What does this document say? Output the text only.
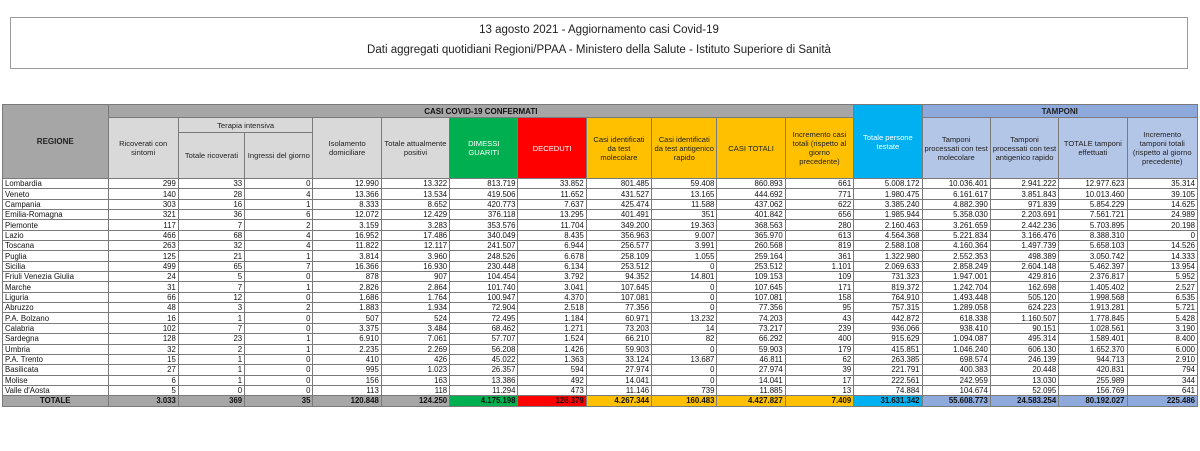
13 agosto 2021 - Aggiornamento casi Covid-19
Dati aggregati quotidiani Regioni/PPAA - Ministero della Salute - Istituto Superiore di Sanità
REGIONE	CASI COVID-19 CONFERMATI											Totale persone testate	TAMPONI			
	Ricoverati con sintomi	Terapia intensiva		Isolamento domiciliare	Totale attualmente positivi	DIMESSI GUARITI	DECEDUTI	Casi identificati da test molecolare	Casi identificati da test antigenico rapido	CASI TOTALI	Incremento casi totali (rispetto al giorno precedente)		Tamponi processati con test molecolare	Tamponi processati con test antigenico rapido	TOTALE tamponi effettuati	Incremento tamponi totali (rispetto al giorno precedente)
		Totale ricoverati	Ingressi del giorno													
Lombardia	299	33	0	12.990	13.322	813.719	33.852	801.485	59.408	860.893	661	5.008.172	10.036.401	2.941.222	12.977.623	35.314
Veneto	140	28	4	13.366	13.534	419.506	11.652	431.527	13.165	444.692	771	1.980.475	6.161.617	3.851.843	10.013.460	39.105
Campania	303	16	1	8.333	8.652	420.773	7.637	425.474	11.588	437.062	622	3.385.240	4.882.390	971.839	5.854.229	14.625
Emilia-Romagna	321	36	6	12.072	12.429	376.118	13.295	401.491	351	401.842	656	1.985.944	5.358.030	2.203.691	7.561.721	24.989
Piemonte	117	7	2	3.159	3.283	353.576	11.704	349.200	19.363	368.563	280	2.160.463	3.261.659	2.442.236	5.703.895	20.198
Lazio	466	68	4	16.952	17.486	340.049	8.435	356.963	9.007	365.970	613	4.564.368	5.221.834	3.166.476	8.388.310	0
Toscana	263	32	4	11.822	12.117	241.507	6.944	256.577	3.991	260.568	819	2.588.108	4.160.364	1.497.739	5.658.103	14.526
Puglia	125	21	1	3.814	3.960	248.526	6.678	258.109	1.055	259.164	361	1.322.980	2.552.353	498.389	3.050.742	14.333
Sicilia	499	65	7	16.366	16.930	230.448	6.134	253.512	0	253.512	1.101	2.069.633	2.858.249	2.604.148	5.462.397	13.954
Friuli Venezia Giulia	24	5	0	878	907	104.454	3.792	94.352	14.801	109.153	109	731.323	1.947.001	429.816	2.376.817	5.952
Marche	31	7	1	2.826	2.864	101.740	3.041	107.645	0	107.645	171	819.372	1.242.704	162.698	1.405.402	2.527
Liguria	66	12	0	1.686	1.764	100.947	4.370	107.081	0	107.081	158	764.910	1.493.448	505.120	1.998.568	6.535
Abruzzo	48	3	2	1.883	1.934	72.904	2.518	77.356	0	77.356	95	757.315	1.289.058	624.223	1.913.281	5.721
P.A. Bolzano	16	1	0	507	524	72.495	1.184	60.971	13.232	74.203	43	442.872	618.338	1.160.507	1.778.845	5.428
Calabria	102	7	0	3.375	3.484	68.462	1.271	73.203	14	73.217	239	936.066	938.410	90.151	1.028.561	3.190
Sardegna	128	23	1	6.910	7.061	57.707	1.524	66.210	82	66.292	400	915.629	1.094.087	495.314	1.589.401	8.400
Umbria	32	2	1	2.235	2.269	56.208	1.426	59.903	0	59.903	179	415.851	1.046.240	606.130	1.652.370	6.000
P.A. Trento	15	1	0	410	426	45.022	1.363	33.124	13.687	46.811	62	263.385	698.574	246.139	944.713	2.910
Basilicata	27	1	0	995	1.023	26.357	594	27.974	0	27.974	39	221.791	400.383	20.448	420.831	794
Molise	6	1	0	156	163	13.386	492	14.041	0	14.041	17	222.561	242.959	13.030	255.989	344
Valle d'Aosta	5	0	0	113	118	11.294	473	11.146	739	11.885	13	74.884	104.674	52.095	156.769	641
TOTALE	3.033	369	35	120.848	124.250	4.175.198	128.379	4.267.344	160.483	4.427.827	7.409	31.631.342	55.608.773	24.583.254	80.192.027	225.486
